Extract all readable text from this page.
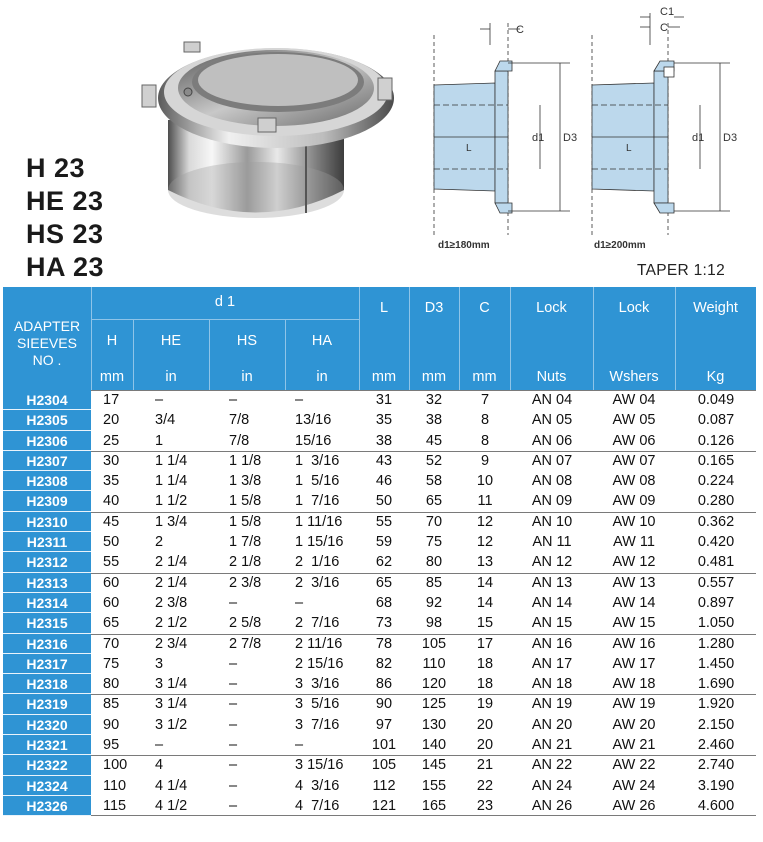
H 23
HE 23
HS 23
HA 23
C
d1 D3
L
d1≥180mm
C1
C
d1 D3
L
d1≥200mm
TAPER 1:12
ADAPTER
SIEEVES
NO .
d 1
H	HE	HS	HA
mm	in	in	in
L	D3	C	Lock	Lock	Weight
mm	mm	mm	Nuts	Wshers	Kg
H2304	17	–	–	–	31	32	7	AN 04	AW 04	0.049
H2305	20	3/4	7/8	13/16	35	38	8	AN 05	AW 05	0.087
H2306	25	1	7/8	15/16	38	45	8	AN 06	AW 06	0.126
H2307	30	1 1/4	1 1/8	1  3/16	43	52	9	AN 07	AW 07	0.165
H2308	35	1 1/4	1 3/8	1  5/16	46	58	10	AN 08	AW 08	0.224
H2309	40	1 1/2	1 5/8	1  7/16	50	65	11	AN 09	AW 09	0.280
H2310	45	1 3/4	1 5/8	1 11/16	55	70	12	AN 10	AW 10	0.362
H2311	50	2	1 7/8	1 15/16	59	75	12	AN 11	AW 11	0.420
H2312	55	2 1/4	2 1/8	2  1/16	62	80	13	AN 12	AW 12	0.481
H2313	60	2 1/4	2 3/8	2  3/16	65	85	14	AN 13	AW 13	0.557
H2314	60	2 3/8	–	–	68	92	14	AN 14	AW 14	0.897
H2315	65	2 1/2	2 5/8	2  7/16	73	98	15	AN 15	AW 15	1.050
H2316	70	2 3/4	2 7/8	2 11/16	78	105	17	AN 16	AW 16	1.280
H2317	75	3	–	2 15/16	82	110	18	AN 17	AW 17	1.450
H2318	80	3 1/4	–	3  3/16	86	120	18	AN 18	AW 18	1.690
H2319	85	3 1/4	–	3  5/16	90	125	19	AN 19	AW 19	1.920
H2320	90	3 1/2	–	3  7/16	97	130	20	AN 20	AW 20	2.150
H2321	95	–	–	–	101	140	20	AN 21	AW 21	2.460
H2322	100	4	–	3 15/16	105	145	21	AN 22	AW 22	2.740
H2324	110	4 1/4	–	4  3/16	112	155	22	AN 24	AW 24	3.190
H2326	115	4 1/2	–	4  7/16	121	165	23	AN 26	AW 26	4.600
